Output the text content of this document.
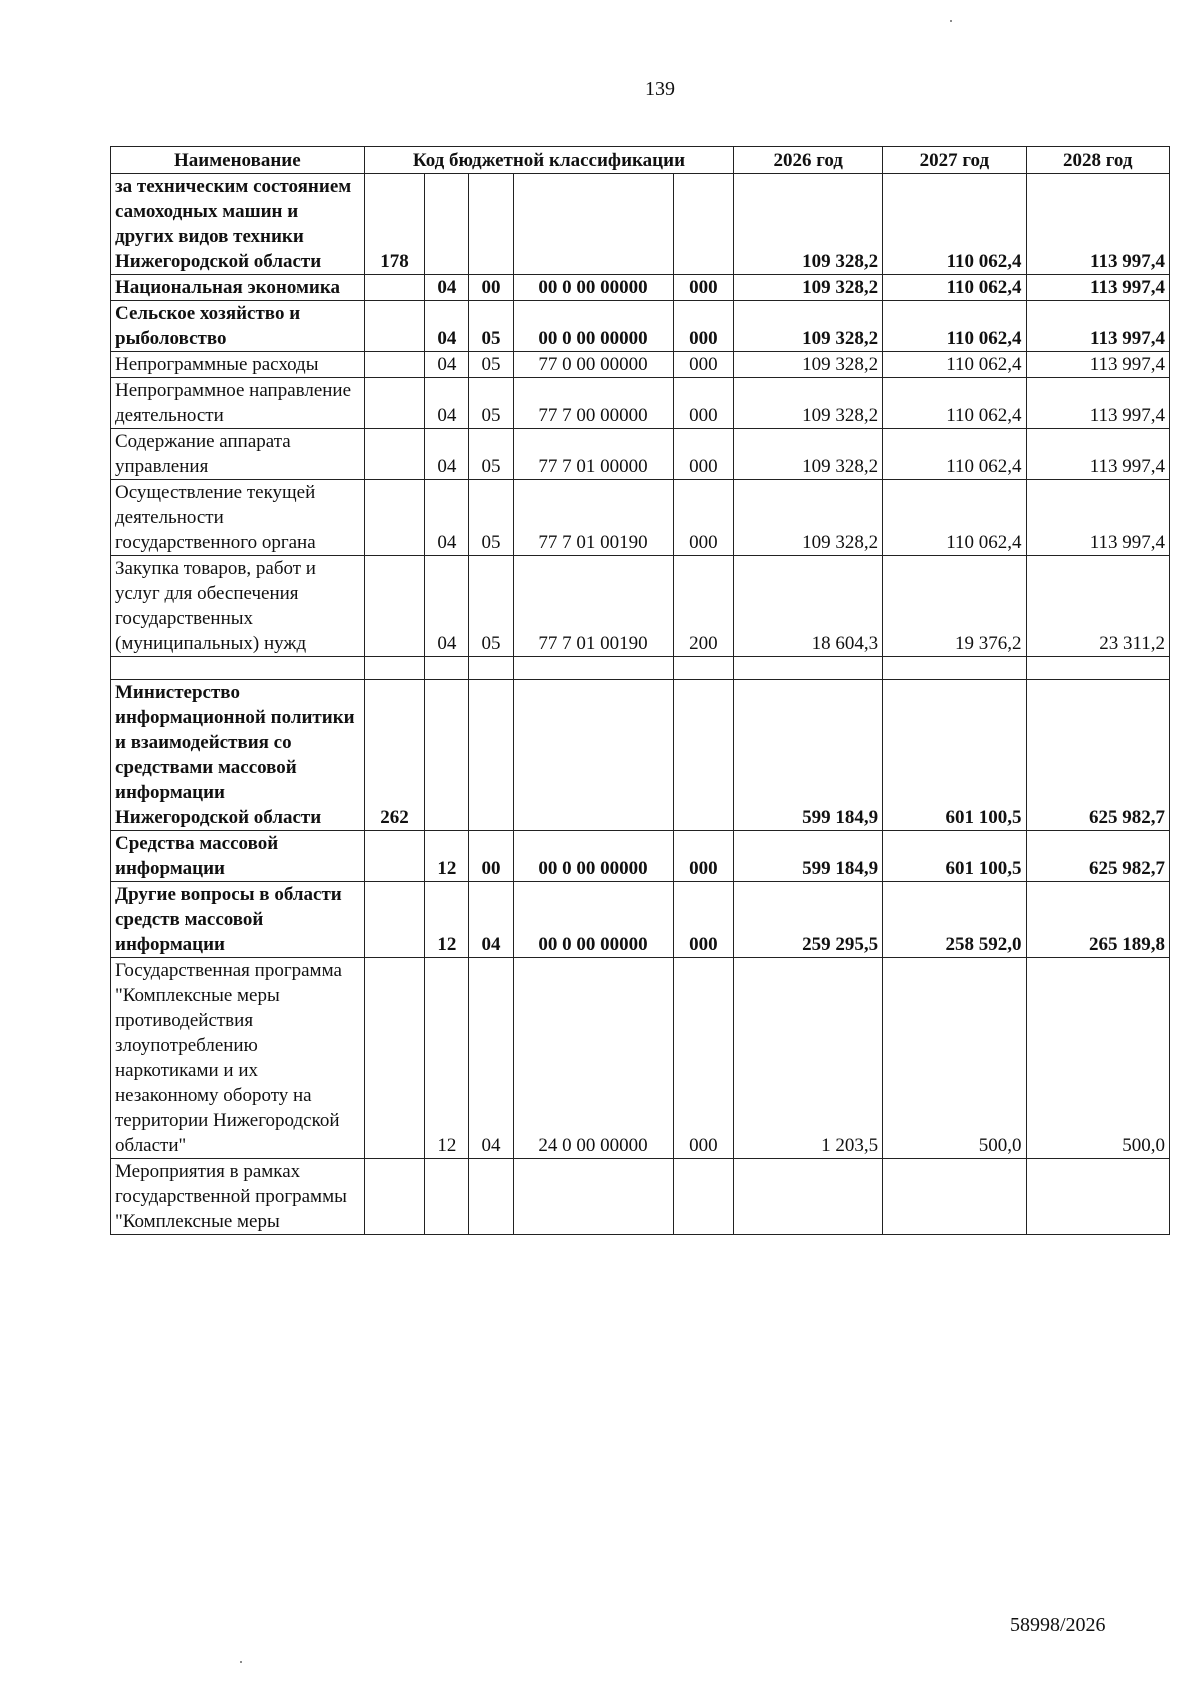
139
Наименование	Код бюджетной классификации					2026 год	2027 год	2028 год
за техническим состоянием самоходных машин и других видов техники Нижегородской области	178					109 328,2	110 062,4	113 997,4
Национальная экономика		04	00	00 0 00 00000	000	109 328,2	110 062,4	113 997,4
Сельское хозяйство и рыболовство		04	05	00 0 00 00000	000	109 328,2	110 062,4	113 997,4
Непрограммные расходы		04	05	77 0 00 00000	000	109 328,2	110 062,4	113 997,4
Непрограммное направление деятельности		04	05	77 7 00 00000	000	109 328,2	110 062,4	113 997,4
Содержание аппарата управления		04	05	77 7 01 00000	000	109 328,2	110 062,4	113 997,4
Осуществление текущей деятельности государственного органа		04	05	77 7 01 00190	000	109 328,2	110 062,4	113 997,4
Закупка товаров, работ и услуг для обеспечения государственных (муниципальных) нужд		04	05	77 7 01 00190	200	18 604,3	19 376,2	23 311,2

Министерство информационной политики и взаимодействия со средствами массовой информации Нижегородской области	262					599 184,9	601 100,5	625 982,7
Средства массовой информации		12	00	00 0 00 00000	000	599 184,9	601 100,5	625 982,7
Другие вопросы в области средств массовой информации		12	04	00 0 00 00000	000	259 295,5	258 592,0	265 189,8
Государственная программа "Комплексные меры противодействия злоупотреблению наркотиками и их незаконному обороту на территории Нижегородской области"		12	04	24 0 00 00000	000	1 203,5	500,0	500,0
Мероприятия в рамках государственной программы "Комплексные меры								
58998/2026
